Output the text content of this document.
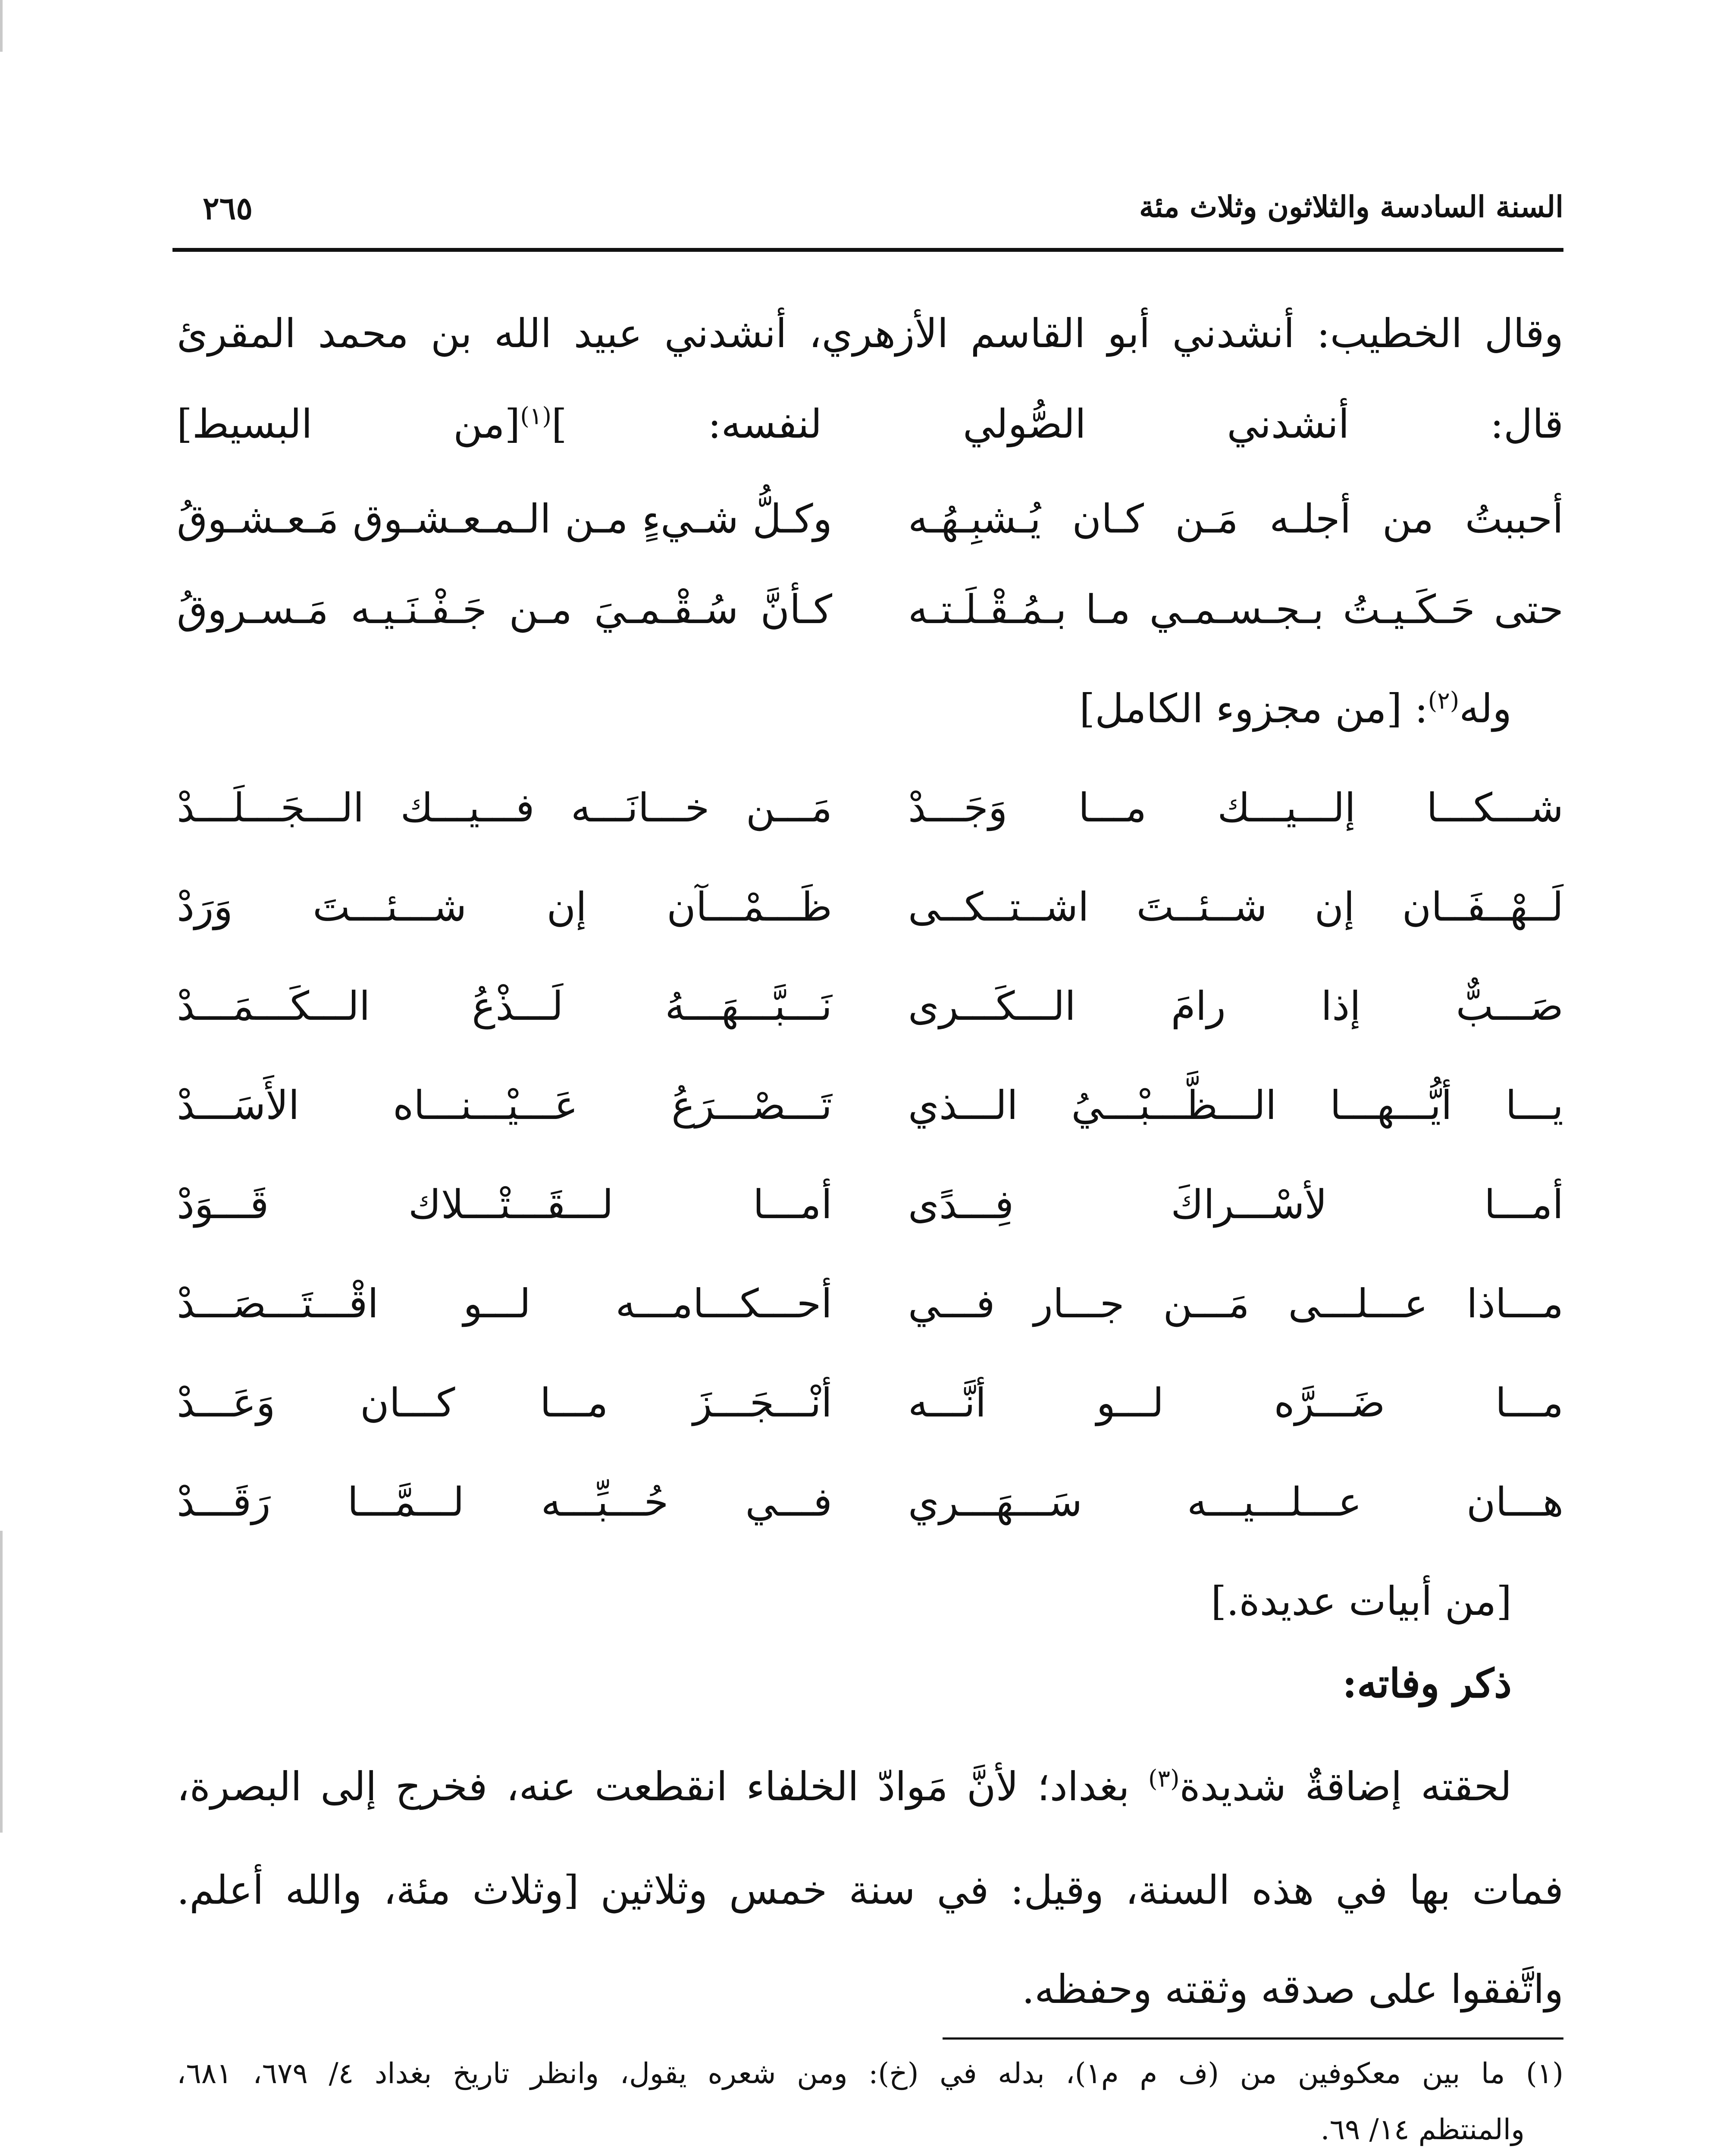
السنة السادسة والثلاثون وثلاث مئة
٢٦٥
وقال الخطيب: أنشدني أبو القاسم الأزهري، أنشدني عبيد الله بن محمد المقرئ
قال: أنشدني الصُّولي لنفسه: ]$^{(١)}$[من البسيط]
أحببتُ من أجلـه مَـن كـان يُـشبِـهُـه
وكـلُّ شـيءٍ مـن الـمـعـشـوق مَـعـشـوقُ
حتى حَـكَـيـتُ بـجـسـمـي مـا بـمُـقْـلَـتـه
كـأنَّ سُـقْـمـيَ مـن جَـفْـنَـيـه مَـسـروقُ
وله$^{(٢)}$: [من مجزوء الكامل]
شـــكـــا إلـــيـــك مـــا وَجَـــدْ
مَـــن خـــانَـــه فـــيـــك الـــجَـــلَـــدْ
لَــهْــفَــان إن شــئــتَ اشــتــكــى
ظَـــمْـــآن إن شـــئـــتَ وَرَدْ
صَـــبٌّ إذا رامَ الـــكَـــرى
نَـــبَّـــهَـــهُ لَـــذْعُ الـــكَـــمَـــدْ
يـــا أيُّـــهـــا الـــظَّـــبْـــيُ الـــذي
تَـــصْـــرَعُ عَـــيْـــنـــاه الأَسَـــدْ
أمـــا لأسْـــراكَ فِـــدًى
أمـــا لـــقَـــتْـــلاك قَـــوَدْ
مـــاذا عـــلـــى مَـــن جـــار فـــي
أحـــكـــامـــه لـــو اقْـــتَـــصَـــدْ
مـــا ضَـــرَّه لـــو أنَّـــه
أنْـــجَـــزَ مـــا كـــان وَعَـــدْ
هـــان عـــلـــيـــه سَـــهَـــري
فـــي حُـــبِّـــه لـــمَّـــا رَقَـــدْ
[من أبيات عديدة.]
ذكر وفاته:
لحقته إضاقةٌ شديدة$^{(٣)}$ بغداد؛ لأنَّ مَوادّ الخلفاء انقطعت عنه، فخرج إلى البصرة،
فمات بها في هذه السنة، وقيل: في سنة خمس وثلاثين [وثلاث مئة، والله أعلم.
واتَّفقوا على صدقه وثقته وحفظه.
(١) ما بين معكوفين من (ف م م١)، بدله في (خ): ومن شعره يقول، وانظر تاريخ بغداد ٤/ ٦٧٩، ٦٨١،
والمنتظم ١٤/ ٦٩.
